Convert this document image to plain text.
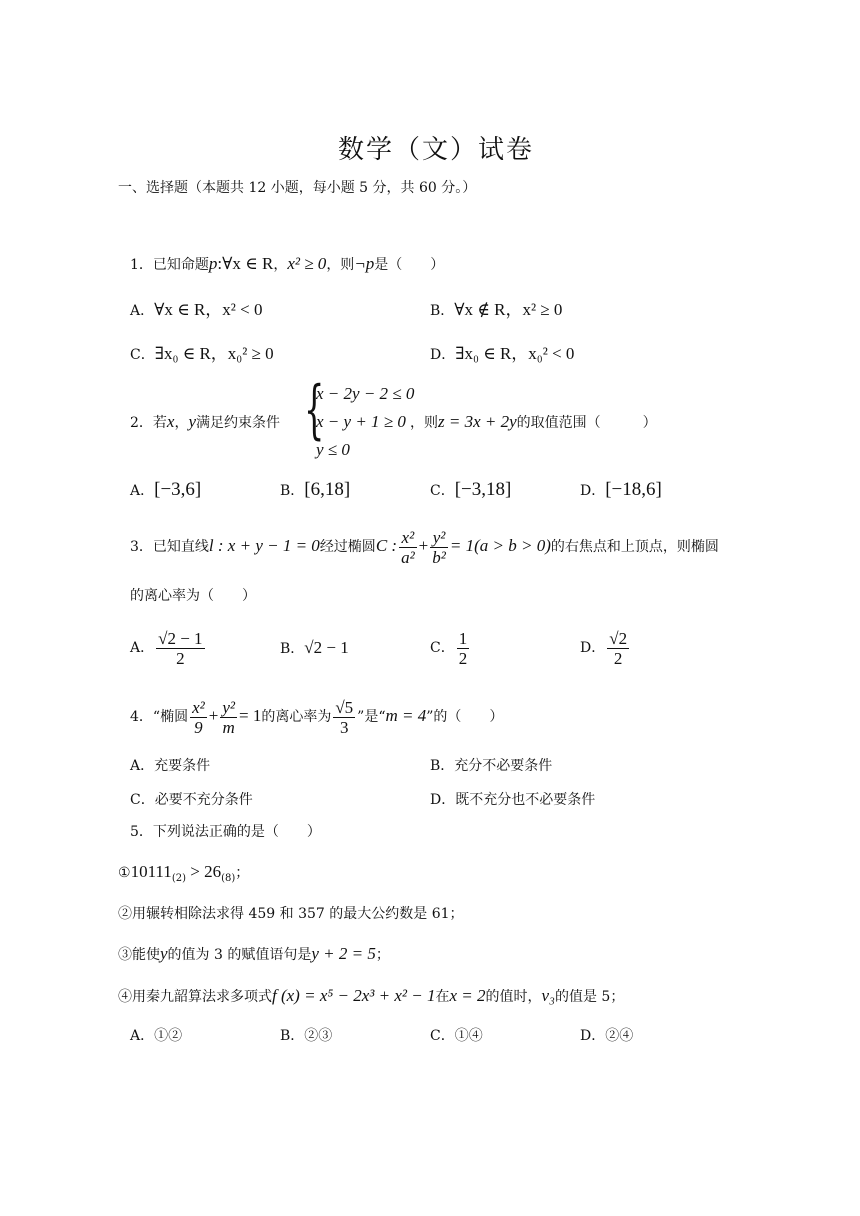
数学（文）试卷
一、选择题（本题共 12 小题，每小题 5 分，共 60 分。）
1．已知命题p:∀x ∈ R，x² ≥ 0，则¬p是（　　）
A．∀x ∈ R，x² < 0	B．∀x ∉ R，x² ≥ 0
C．∃x₀ ∈ R，x₀² ≥ 0	D．∃x₀ ∈ R，x₀² < 0
2．若x，y满足约束条件 {
x − 2y − 2 ≤ 0
x − y + 1 ≥ 0
y ≤ 0
，则z = 3x + 2y的取值范围（　　　）
A．[−3,6]	B．[6,18]	C．[−3,18]	D．[−18,6]
3．已知直线l : x + y − 1 = 0经过椭圆C : $\frac{\text{x²}}{\text{a²}} + \frac{\text{y²}}{\text{b²}} = 1(a > b > 0)$的右焦点和上顶点，则椭圆
的离心率为（　　）
A． $\frac{√2 - 1}{2}$	B．√2 − 1	C． $\frac{1}{2}$	D． $\frac{√2}{2}$
4．“椭圆 $\frac{\text{x²}}{9} + \frac{\text{y²}}{m} = 1$的离心率为 $\frac{√5}{3}$ ”是“m = 4”的（　　）
A．充要条件	B．充分不必要条件
C．必要不充分条件	D．既不充分也不必要条件
5．下列说法正确的是（　　）
$①10111_{(2)} > 26_{(8)}$；
②用辗转相除法求得 459 和 357 的最大公约数是 61；
③能使y的值为 3 的赋值语句是y + 2 = 5；
④用秦九韶算法求多项式f (x) = x⁵ − 2x³ + x² − 1在x = 2的值时，v₃的值是 5；
A．①②	B．②③	C．①④	D．②④
